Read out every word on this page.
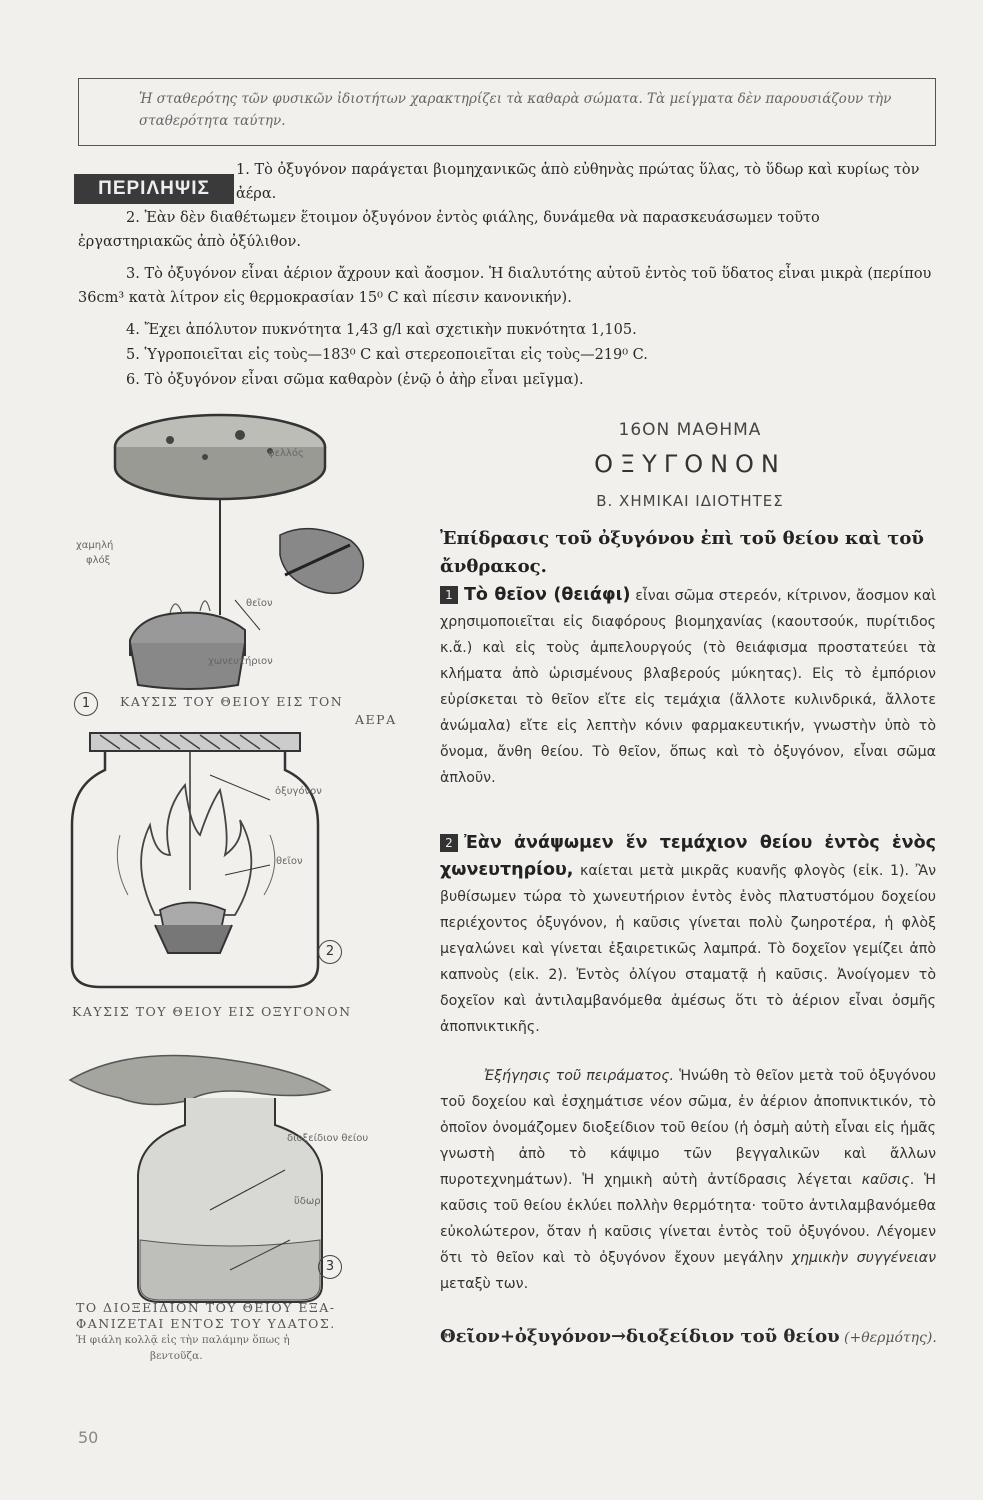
Ἡ σταθερότης τῶν φυσικῶν ἰδιοτήτων χαρακτηρίζει τὰ καθαρὰ σώματα. Τὰ μείγματα δὲν παρουσιάζουν τὴν σταθερότητα ταύτην.
ΠΕΡΙΛΗΨΙΣ
1. Τὸ ὀξυγόνον παράγεται βιομηχανικῶς ἀπὸ εὐθηνὰς πρώτας ὕλας, τὸ ὕδωρ καὶ κυρίως τὸν ἀέρα.
2. Ἐὰν δὲν διαθέτωμεν ἕτοιμον ὀξυγόνον ἐντὸς φιάλης, δυνάμεθα νὰ παρασκευάσωμεν τοῦτο ἐργαστηριακῶς ἀπὸ ὀξύλιθον.
3. Τὸ ὀξυγόνον εἶναι ἀέριον ἄχρουν καὶ ἄοσμον. Ἡ διαλυτότης αὐτοῦ ἐντὸς τοῦ ὕδατος εἶναι μικρὰ (περίπου 36cm³ κατὰ λίτρον εἰς θερμοκρασίαν 15⁰ C καὶ πίεσιν κανονικήν).
4. Ἔχει ἀπόλυτον πυκνότητα 1,43 g/l καὶ σχετικὴν πυκνότητα 1,105.
5. Ὑγροποιεῖται εἰς τοὺς—183⁰ C καὶ στερεοποιεῖται εἰς τοὺς—219⁰ C.
6. Τὸ ὀξυγόνον εἶναι σῶμα καθαρὸν (ἐνῷ ὁ ἀὴρ εἶναι μεῖγμα).
16ΟΝ ΜΑΘΗΜΑ
ΟΞΥΓΟΝΟΝ
Β. ΧΗΜΙΚΑΙ ΙΔΙΟΤΗΤΕΣ
Ἐπίδρασις τοῦ ὀξυγόνου ἐπὶ τοῦ θείου καὶ τοῦ ἄνθρακος.
1 Τὸ θεῖον (θειάφι) εἶναι σῶμα στερεόν, κίτρινον, ἄοσμον καὶ χρησιμοποιεῖται εἰς διαφόρους βιομηχανίας (καουτσούκ, πυρίτιδος κ.ἄ.) καὶ εἰς τοὺς ἀμπελουργούς (τὸ θειάφισμα προστατεύει τὰ κλήματα ἀπὸ ὡρισμένους βλαβερούς μύκητας). Εἰς τὸ ἐμπόριον εὑρίσκεται τὸ θεῖον εἴτε εἰς τεμάχια (ἄλλοτε κυλινδρικά, ἄλλοτε ἀνώμαλα) εἴτε εἰς λεπτὴν κόνιν φαρμακευτικήν, γνωστὴν ὑπὸ τὸ ὄνομα, ἄνθη θείου. Τὸ θεῖον, ὅπως καὶ τὸ ὀξυγόνον, εἶναι σῶμα ἁπλοῦν.
2 Ἐὰν ἀνάψωμεν ἕν τεμάχιον θείου ἐντὸς ἑνὸς χωνευτηρίου, καίεται μετὰ μικρᾶς κυανῆς φλογὸς (εἰκ. 1). Ἂν βυθίσωμεν τώρα τὸ χωνευτήριον ἐντὸς ἑνὸς πλατυστόμου δοχείου περιέχοντος ὀξυγόνον, ἡ καῦσις γίνεται πολὺ ζωηροτέρα, ἡ φλὸξ μεγαλώνει καὶ γίνεται ἐξαιρετικῶς λαμπρά. Τὸ δοχεῖον γεμίζει ἀπὸ καπνοὺς (εἰκ. 2). Ἐντὸς ὀλίγου σταματᾷ ἡ καῦσις. Ἀνοίγομεν τὸ δοχεῖον καὶ ἀντιλαμβανόμεθα ἀμέσως ὅτι τὸ ἀέριον εἶναι ὀσμῆς ἀποπνικτικῆς.
Ἐξήγησις τοῦ πειράματος. Ἡνώθη τὸ θεῖον μετὰ τοῦ ὀξυγόνου τοῦ δοχείου καὶ ἐσχημάτισε νέον σῶμα, ἐν ἀέριον ἀποπνικτικόν, τὸ ὁποῖον ὀνομάζομεν διοξείδιον τοῦ θείου (ἡ ὀσμὴ αὐτὴ εἶναι εἰς ἡμᾶς γνωστὴ ἀπὸ τὸ κάψιμο τῶν βεγγαλικῶν καὶ ἄλλων πυροτεχνημάτων). Ἡ χημικὴ αὐτὴ ἀντίδρασις λέγεται καῦσις. Ἡ καῦσις τοῦ θείου ἐκλύει πολλὴν θερμότητα· τοῦτο ἀντιλαμβανόμεθα εὐκολώτερον, ὅταν ἡ καῦσις γίνεται ἐντὸς τοῦ ὀξυγόνου. Λέγομεν ὅτι τὸ θεῖον καὶ τὸ ὀξυγόνον ἔχουν μεγάλην χημικὴν συγγένειαν μεταξὺ των.
Θεῖον+ὀξυγόνον→διοξείδιον τοῦ θείου (+θερμότης).
φελλός
χαμηλή
φλόξ
θεῖον
χωνευτήριον
1	ΚΑΥΣΙΣ ΤΟΥ ΘΕΙΟΥ ΕΙΣ ΤΟΝ
ΑΕΡΑ
ὀξυγόνον
θεῖον
2
ΚΑΥΣΙΣ ΤΟΥ ΘΕΙΟΥ ΕΙΣ ΟΞΥΓΟΝΟΝ
διοξείδιον θείου
ὕδωρ
3
ΤΟ ΔΙΟΞΕΙΔΙΟΝ ΤΟΥ ΘΕΙΟΥ ΕΞΑ-
ΦΑΝΙΖΕΤΑΙ ΕΝΤΟΣ ΤΟΥ ΥΔΑΤΟΣ.
Ἡ φιάλη κολλᾷ εἰς τὴν παλάμην ὅπως ἡ
βεντοῦζα.
50
